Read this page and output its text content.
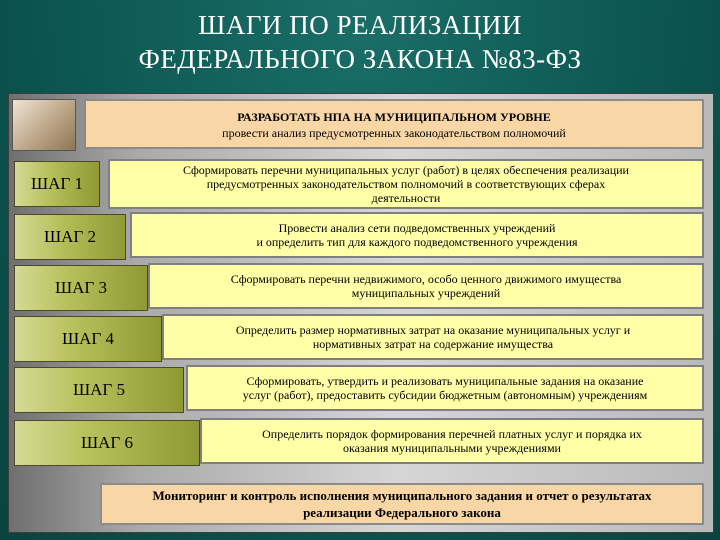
ШАГИ ПО РЕАЛИЗАЦИИ
ФЕДЕРАЛЬНОГО ЗАКОНА №83-ФЗ
РАЗРАБОТАТЬ НПА НА МУНИЦИПАЛЬНОМ УРОВНЕ
провести анализ предусмотренных законодательством полномочий
ШАГ 1
Сформировать перечни муниципальных услуг (работ) в целях обеспечения реализации
предусмотренных законодательством полномочий в соответствующих сферах
деятельности
ШАГ 2	Провести анализ сети подведомственных учреждений
и определить тип для каждого подведомственного учреждения
ШАГ 3	Сформировать перечни недвижимого, особо ценного движимого имущества
муниципальных учреждений
ШАГ 4	Определить размер нормативных затрат на оказание муниципальных услуг и
нормативных затрат на содержание имущества
ШАГ 5	Сформировать, утвердить и реализовать муниципальные задания на оказание
услуг (работ), предоставить субсидии бюджетным (автономным) учреждениям
ШАГ 6	Определить порядок формирования перечней платных услуг и порядка их
оказания муниципальными учреждениями
Мониторинг и контроль исполнения муниципального задания и отчет о результатах
реализации Федерального закона
